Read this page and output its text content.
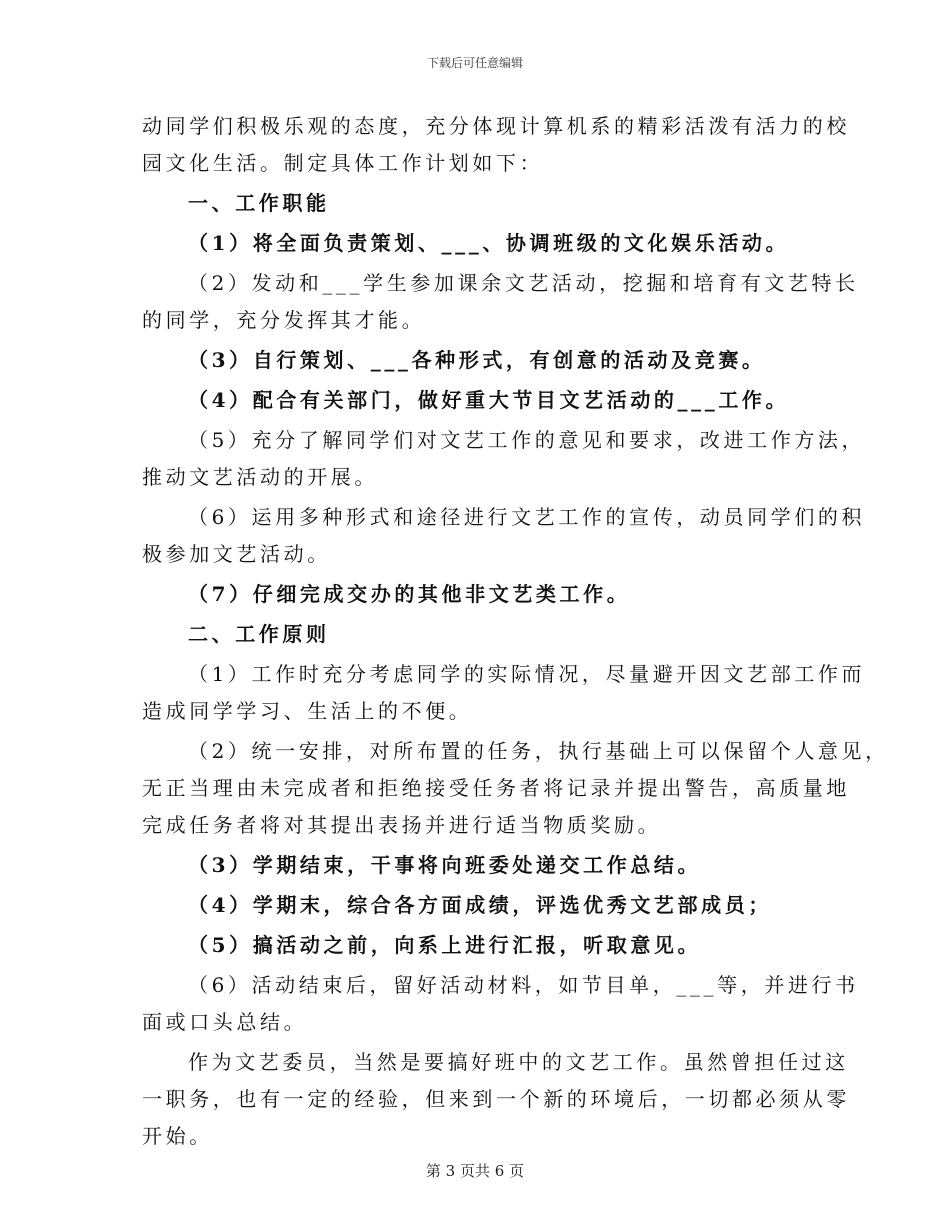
下载后可任意编辑
动同学们积极乐观的态度，充分体现计算机系的精彩活泼有活力的校
园文化生活。制定具体工作计划如下：
一、工作职能
（1）将全面负责策划、___、协调班级的文化娱乐活动。
（2）发动和___学生参加课余文艺活动，挖掘和培育有文艺特长
的同学，充分发挥其才能。
（3）自行策划、___各种形式，有创意的活动及竞赛。
（4）配合有关部门，做好重大节目文艺活动的___工作。
（5）充分了解同学们对文艺工作的意见和要求，改进工作方法，
推动文艺活动的开展。
（6）运用多种形式和途径进行文艺工作的宣传，动员同学们的积
极参加文艺活动。
（7）仔细完成交办的其他非文艺类工作。
二、工作原则
（1）工作时充分考虑同学的实际情况，尽量避开因文艺部工作而
造成同学学习、生活上的不便。
（2）统一安排，对所布置的任务，执行基础上可以保留个人意见，
无正当理由未完成者和拒绝接受任务者将记录并提出警告，高质量地
完成任务者将对其提出表扬并进行适当物质奖励。
（3）学期结束，干事将向班委处递交工作总结。
（4）学期末，综合各方面成绩，评选优秀文艺部成员；
（5）搞活动之前，向系上进行汇报，听取意见。
（6）活动结束后，留好活动材料，如节目单，___等，并进行书
面或口头总结。
作为文艺委员，当然是要搞好班中的文艺工作。虽然曾担任过这
一职务，也有一定的经验，但来到一个新的环境后，一切都必须从零
开始。
第 3 页共 6 页
